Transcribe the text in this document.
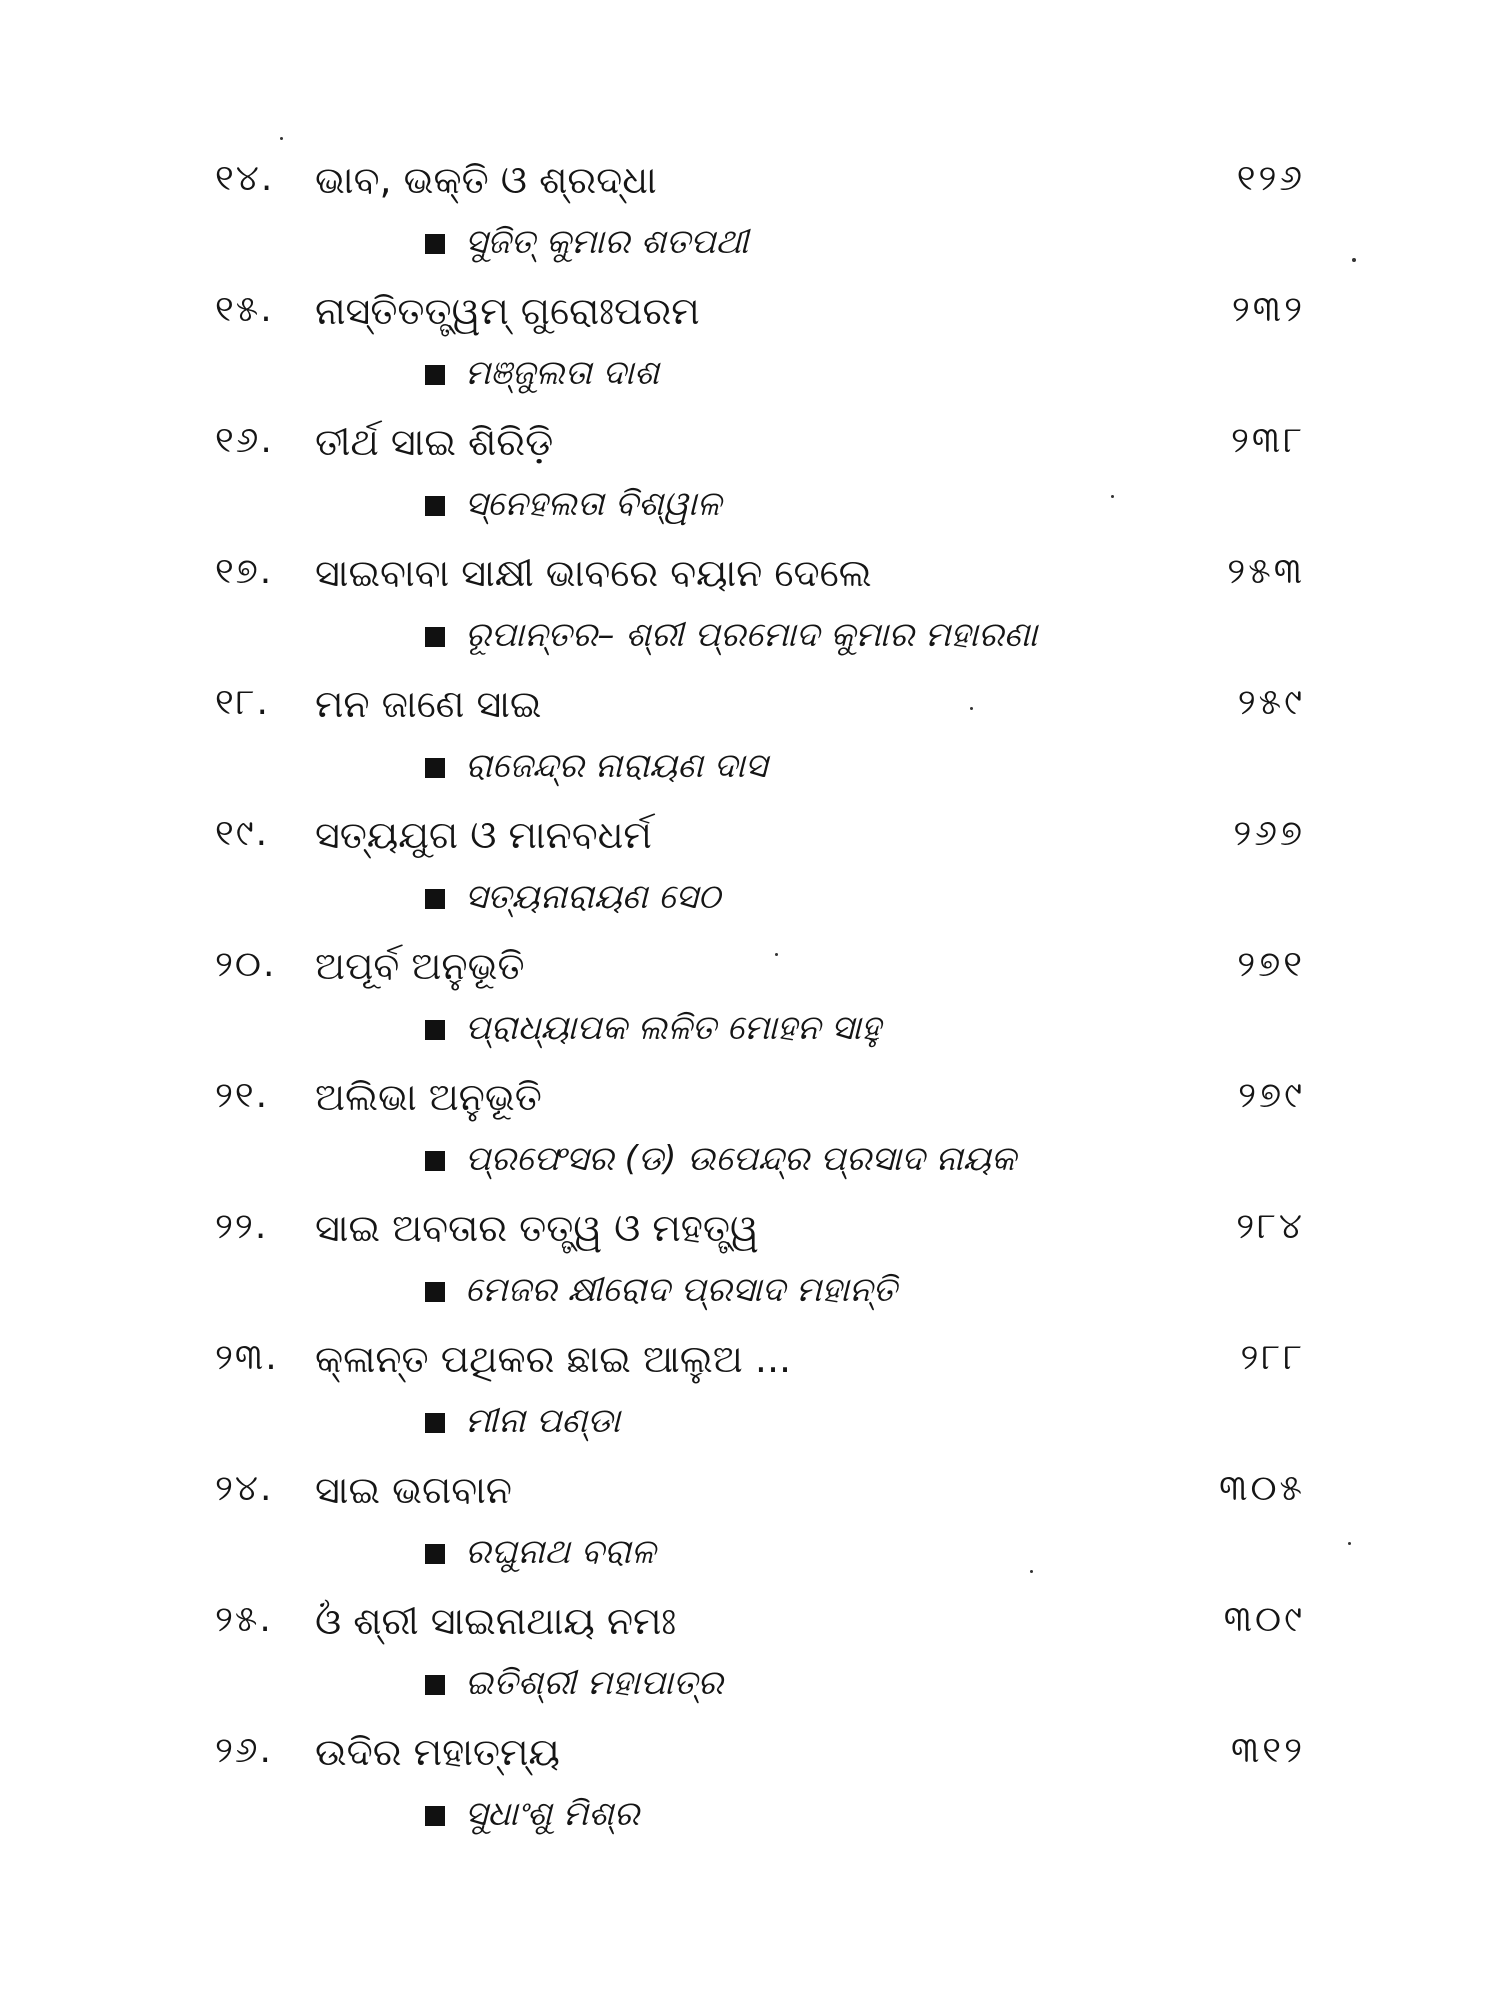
୧୪.	ଭାବ, ଭକ୍ତି ଓ ଶ୍ରଦ୍ଧା	୧୨୬
ସୁଜିତ୍ କୁମାର ଶତପଥୀ
୧୫.	ନାସ୍ତିତତ୍ତ୍ୱମ୍ ଗୁରୋଃପରମ	୨୩୨
ମଞ୍ଜୁଲତା ଦାଶ
୧୬.	ତୀର୍ଥ ସାଇ ଶିରିଡ଼ି	୨୩୮
ସ୍ନେହଲତା ବିଶ୍ୱାଳ
୧୭.	ସାଇବାବା ସାକ୍ଷୀ ଭାବରେ ବୟାନ ଦେଲେ	୨୫୩
ରୂପାନ୍ତର– ଶ୍ରୀ ପ୍ରମୋଦ କୁମାର ମହାରଣା
୧୮.	ମନ ଜାଣେ ସାଇ	୨୫୯
ରାଜେନ୍ଦ୍ର ନାରାୟଣ ଦାସ
୧୯.	ସତ୍ୟଯୁଗ ଓ ମାନବଧର୍ମ	୨୬୭
ସତ୍ୟନାରାୟଣ ସେଠ
୨୦.	ଅପୂର୍ବ ଅନୁଭୂତି	୨୭୧
ପ୍ରାଧ୍ୟାପକ ଲଳିତ ମୋହନ ସାହୁ
୨୧.	ଅଲିଭା ଅନୁଭୂତି	୨୭୯
ପ୍ରଫେସର (ଡ) ଉପେନ୍ଦ୍ର ପ୍ରସାଦ ନାୟକ
୨୨.	ସାଇ ଅବତାର ତତ୍ତ୍ୱ ଓ ମହତ୍ତ୍ୱ	୨୮୪
ମେଜର କ୍ଷୀରୋଦ ପ୍ରସାଦ ମହାନ୍ତି
୨୩. କ୍ଳାନ୍ତ ପଥିକର ଛାଇ ଆଲୁଅ ...	୨୮୮
ମୀନା ପଣ୍ଡା
୨୪.	ସାଇ ଭଗବାନ	୩୦୫
ରଘୁନାଥ ବରାଳ
୨୫.	ଓଁ ଶ୍ରୀ ସାଇନାଥାୟ ନମଃ	୩୦୯
ଇତିଶ୍ରୀ ମହାପାତ୍ର
୨୬.	ଉଦିର ମହାତ୍ମ୍ୟ	୩୧୨
ସୁଧାଂଶୁ ମିଶ୍ର
